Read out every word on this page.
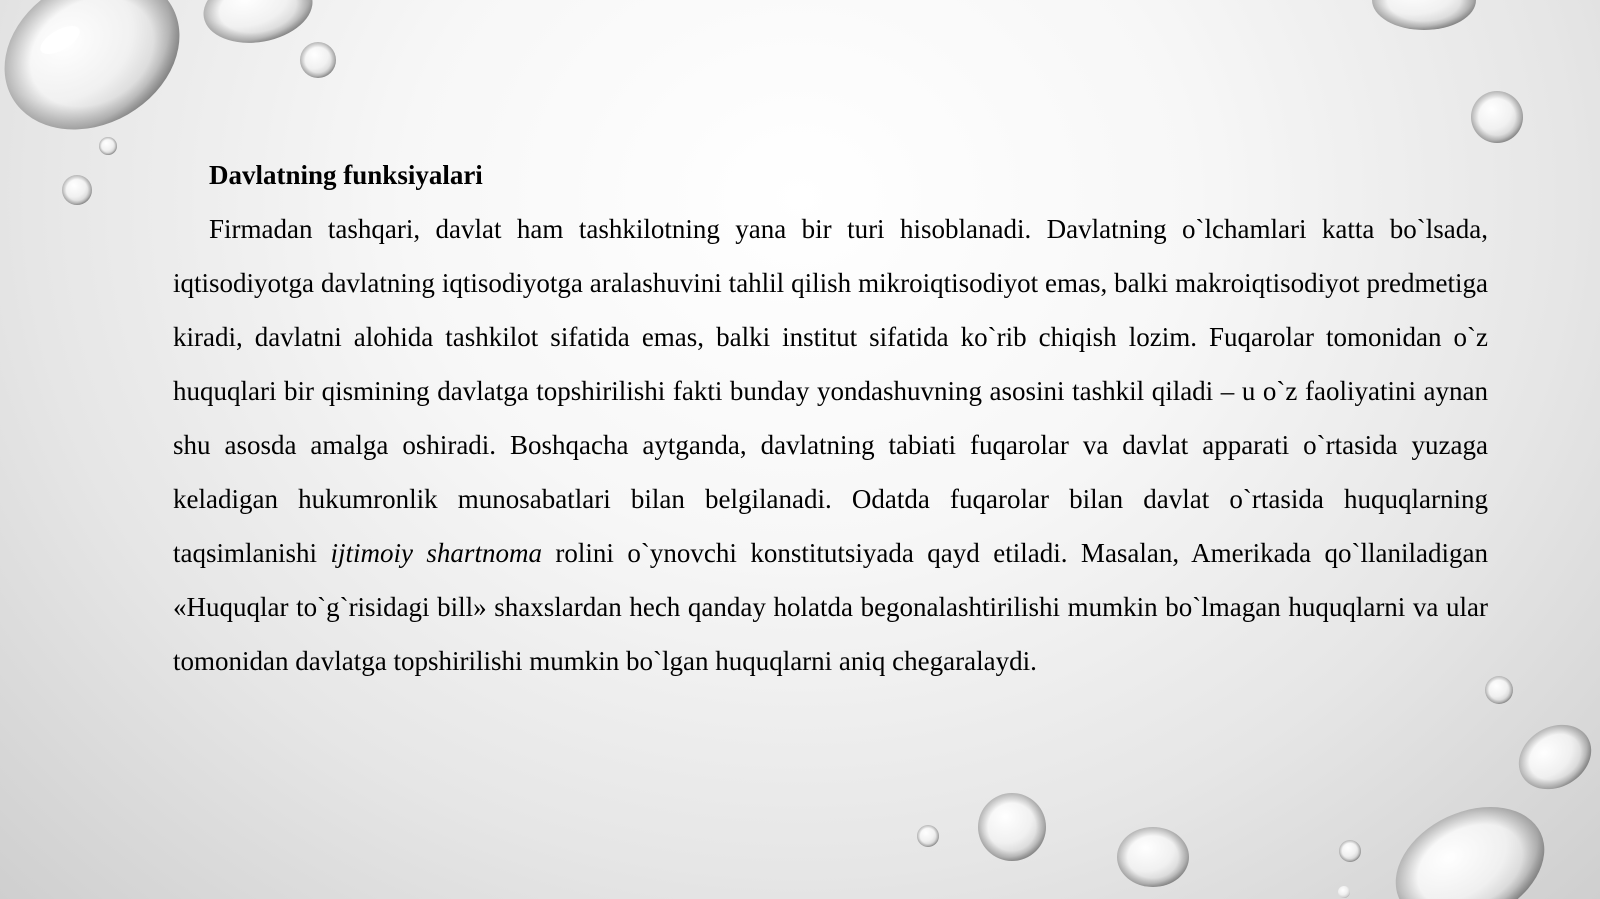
Davlatning funksiyalari

Firmadan tashqari, davlat ham tashkilotning yana bir turi hisoblanadi. Davlatning o`lchamlari katta bo`lsada, iqtisodiyotga davlatning iqtisodiyotga aralashuvini tahlil qilish mikroiqtisodiyot emas, balki makroiqtisodiyot predmetiga kiradi, davlatni alohida tashkilot sifatida emas, balki institut sifatida ko`rib chiqish lozim. Fuqarolar tomonidan o`z huquqlari bir qismining davlatga topshirilishi fakti bunday yondashuvning asosini tashkil qiladi – u o`z faoliyatini aynan shu asosda amalga oshiradi. Boshqacha aytganda, davlatning tabiati fuqarolar va davlat apparati o`rtasida yuzaga keladigan hukumronlik munosabatlari bilan belgilanadi. Odatda fuqarolar bilan davlat o`rtasida huquqlarning taqsimlanishi ijtimoiy shartnoma rolini o`ynovchi konstitutsiyada qayd etiladi. Masalan, Amerikada qo`llaniladigan «Huquqlar to`g`risidagi bill» shaxslardan hech qanday holatda begonalashtirilishi mumkin bo`lmagan huquqlarni va ular tomonidan davlatga topshirilishi mumkin bo`lgan huquqlarni aniq chegaralaydi.
